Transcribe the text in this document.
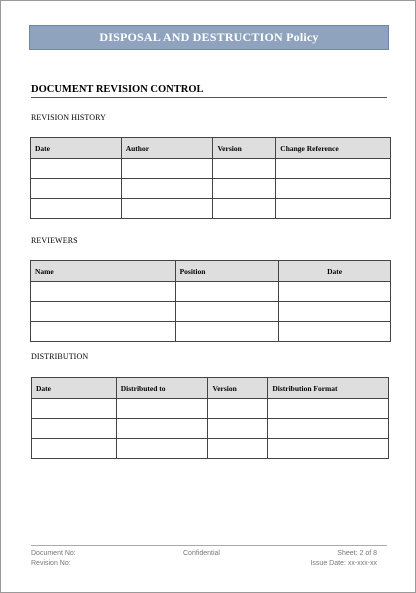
DISPOSAL AND DESTRUCTION Policy
DOCUMENT REVISION CONTROL
REVISION HISTORY
Date	Author	Version	Change Reference

REVIEWERS
Name	Position	Date

DISTRIBUTION
Date	Distributed to	Version	Distribution Format

Document No:
Revision No:
Confidential	Sheet: 2 of 8
Issue Date: xx-xxx-xx
